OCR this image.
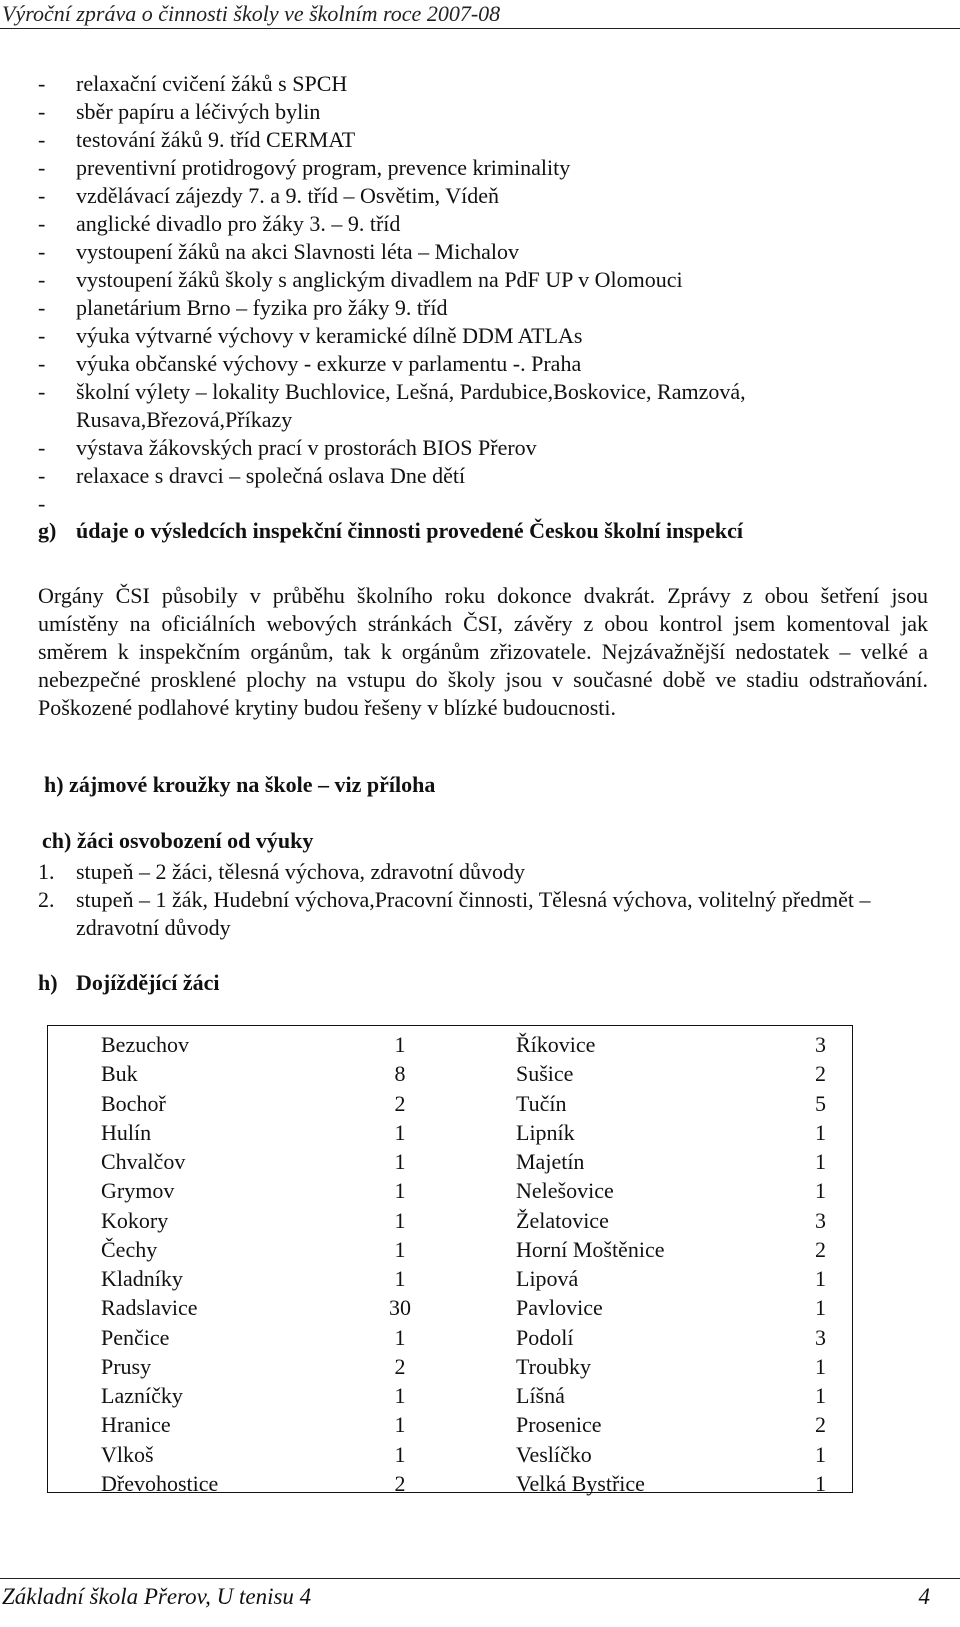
Výroční zpráva o činnosti školy ve školním roce 2007-08
- relaxační cvičení žáků s SPCH
- sběr papíru a léčivých bylin
- testování žáků 9. tříd CERMAT
- preventivní protidrogový program, prevence kriminality
- vzdělávací zájezdy 7. a 9. tříd – Osvětim, Vídeň
- anglické divadlo pro žáky 3. – 9. tříd
- vystoupení žáků na akci Slavnosti léta – Michalov
- vystoupení žáků školy s anglickým divadlem na PdF UP v Olomouci
- planetárium Brno – fyzika pro žáky 9. tříd
- výuka výtvarné výchovy v keramické dílně DDM ATLAs
- výuka občanské výchovy - exkurze v parlamentu -. Praha
- školní výlety – lokality Buchlovice, Lešná, Pardubice,Boskovice, Ramzová, Rusava,Březová,Příkazy
- výstava žákovských prací v prostorách BIOS Přerov
- relaxace s dravci – společná oslava Dne dětí
-
g) údaje o výsledcích inspekční činnosti provedené Českou školní inspekcí
Orgány ČSI působily v průběhu školního roku dokonce dvakrát. Zprávy z obou šetření jsou umístěny na oficiálních webových stránkách ČSI, závěry z obou kontrol jsem komentoval jak směrem k inspekčním orgánům, tak k orgánům zřizovatele. Nejzávažnější nedostatek – velké a nebezpečné prosklené plochy na vstupu do školy jsou v současné době ve stadiu odstraňování. Poškozené podlahové krytiny budou řešeny v blízké budoucnosti.
h) zájmové kroužky na škole – viz příloha
ch) žáci osvobození od výuky
1. stupeň – 2 žáci, tělesná výchova, zdravotní důvody
2. stupeň – 1 žák, Hudební výchova,Pracovní činnosti, Tělesná výchova, volitelný předmět – zdravotní důvody
h) Dojíždějící žáci
Bezuchov	1	Říkovice	3
Buk	8	Sušice	2
Bochoř	2	Tučín	5
Hulín	1	Lipník	1
Chvalčov	1	Majetín	1
Grymov	1	Nelešovice	1
Kokory	1	Želatovice	3
Čechy	1	Horní Moštěnice	2
Kladníky	1	Lipová	1
Radslavice	30	Pavlovice	1
Penčice	1	Podolí	3
Prusy	2	Troubky	1
Lazníčky	1	Líšná	1
Hranice	1	Prosenice	2
Vlkoš	1	Veslíčko	1
Dřevohostice	2	Velká Bystřice	1
Základní škola Přerov, U tenisu 4	4
